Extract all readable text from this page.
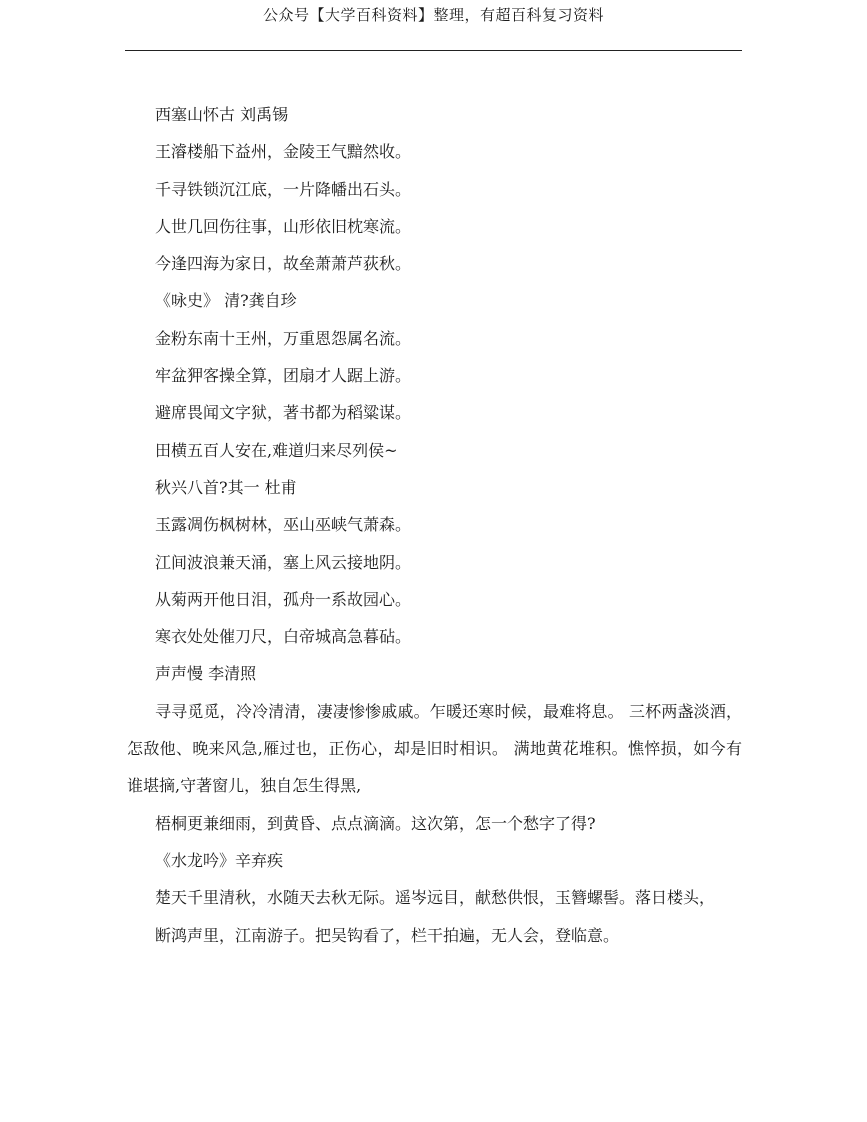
公众号【大学百科资料】整理，有超百科复习资料
西塞山怀古 刘禹锡
王濬楼船下益州，金陵王气黯然收。
千寻铁锁沉江底，一片降幡出石头。
人世几回伤往事，山形依旧枕寒流。
今逢四海为家日，故垒萧萧芦荻秋。
《咏史》 清?龚自珍
金粉东南十王州，万重恩怨属名流。
牢盆狎客操全算，团扇才人踞上游。
避席畏闻文字狱，著书都为稻粱谋。
田横五百人安在,难道归来尽列侯~
秋兴八首?其一 杜甫
玉露凋伤枫树林，巫山巫峡气萧森。
江间波浪兼天涌，塞上风云接地阴。
从菊两开他日泪，孤舟一系故园心。
寒衣处处催刀尺，白帝城高急暮砧。
声声慢 李清照
寻寻觅觅，冷冷清清，凄凄惨惨戚戚。乍暖还寒时候，最难将息。 三杯两盏淡酒，怎敌他、晚来风急,雁过也，正伤心，却是旧时相识。 满地黄花堆积。憔悴损，如今有谁堪摘,守著窗儿，独自怎生得黑,
梧桐更兼细雨，到黄昏、点点滴滴。这次第，怎一个愁字了得?
《水龙吟》辛弃疾
楚天千里清秋，水随天去秋无际。遥岑远目，献愁供恨，玉簪螺髻。落日楼头，
断鸿声里，江南游子。把吴钩看了，栏干拍遍，无人会，登临意。
